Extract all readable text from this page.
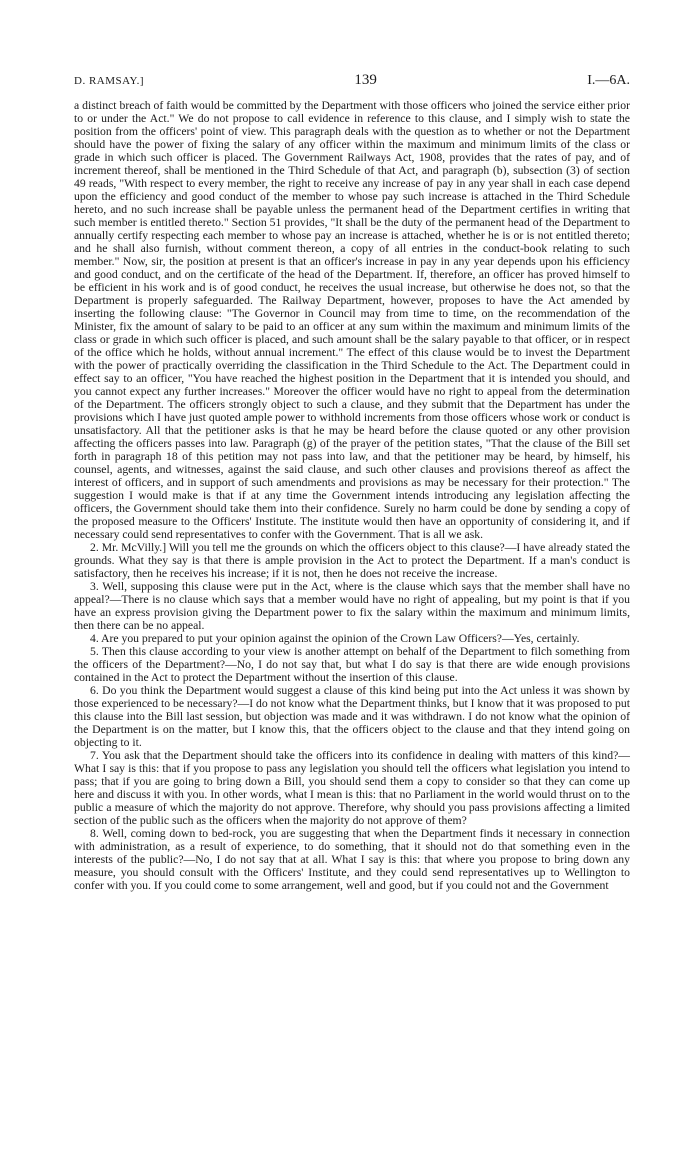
D. RAMSAY.]	139	I.—6A.

a distinct breach of faith would be committed by the Department with those officers who joined the service either prior to or under the Act." We do not propose to call evidence in reference to this clause, and I simply wish to state the position from the officers' point of view. This paragraph deals with the question as to whether or not the Department should have the power of fixing the salary of any officer within the maximum and minimum limits of the class or grade in which such officer is placed. The Government Railways Act, 1908, provides that the rates of pay, and of increment thereof, shall be mentioned in the Third Schedule of that Act, and paragraph (b), subsection (3) of section 49 reads, "With respect to every member, the right to receive any increase of pay in any year shall in each case depend upon the efficiency and good conduct of the member to whose pay such increase is attached in the Third Schedule hereto, and no such increase shall be payable unless the permanent head of the Department certifies in writing that such member is entitled thereto." Section 51 provides, "It shall be the duty of the permanent head of the Department to annually certify respecting each member to whose pay an increase is attached, whether he is or is not entitled thereto; and he shall also furnish, without comment thereon, a copy of all entries in the conduct-book relating to such member." Now, sir, the position at present is that an officer's increase in pay in any year depends upon his efficiency and good conduct, and on the certificate of the head of the Department. If, therefore, an officer has proved himself to be efficient in his work and is of good conduct, he receives the usual increase, but otherwise he does not, so that the Department is properly safeguarded. The Railway Department, however, proposes to have the Act amended by inserting the following clause: "The Governor in Council may from time to time, on the recommendation of the Minister, fix the amount of salary to be paid to an officer at any sum within the maximum and minimum limits of the class or grade in which such officer is placed, and such amount shall be the salary payable to that officer, or in respect of the office which he holds, without annual increment." The effect of this clause would be to invest the Department with the power of practically overriding the classification in the Third Schedule to the Act. The Department could in effect say to an officer, "You have reached the highest position in the Department that it is intended you should, and you cannot expect any further increases." Moreover the officer would have no right to appeal from the determination of the Department. The officers strongly object to such a clause, and they submit that the Department has under the provisions which I have just quoted ample power to withhold increments from those officers whose work or conduct is unsatisfactory. All that the petitioner asks is that he may be heard before the clause quoted or any other provision affecting the officers passes into law. Paragraph (g) of the prayer of the petition states, "That the clause of the Bill set forth in paragraph 18 of this petition may not pass into law, and that the petitioner may be heard, by himself, his counsel, agents, and witnesses, against the said clause, and such other clauses and provisions thereof as affect the interest of officers, and in support of such amendments and provisions as may be necessary for their protection." The suggestion I would make is that if at any time the Government intends introducing any legislation affecting the officers, the Government should take them into their confidence. Surely no harm could be done by sending a copy of the proposed measure to the Officers' Institute. The institute would then have an opportunity of considering it, and if necessary could send representatives to confer with the Government. That is all we ask.

2. Mr. McVilly.] Will you tell me the grounds on which the officers object to this clause?—I have already stated the grounds. What they say is that there is ample provision in the Act to protect the Department. If a man's conduct is satisfactory, then he receives his increase; if it is not, then he does not receive the increase.

3. Well, supposing this clause were put in the Act, where is the clause which says that the member shall have no appeal?—There is no clause which says that a member would have no right of appealing, but my point is that if you have an express provision giving the Department power to fix the salary within the maximum and minimum limits, then there can be no appeal.

4. Are you prepared to put your opinion against the opinion of the Crown Law Officers?—Yes, certainly.

5. Then this clause according to your view is another attempt on behalf of the Department to filch something from the officers of the Department?—No, I do not say that, but what I do say is that there are wide enough provisions contained in the Act to protect the Department without the insertion of this clause.

6. Do you think the Department would suggest a clause of this kind being put into the Act unless it was shown by those experienced to be necessary?—I do not know what the Department thinks, but I know that it was proposed to put this clause into the Bill last session, but objection was made and it was withdrawn. I do not know what the opinion of the Department is on the matter, but I know this, that the officers object to the clause and that they intend going on objecting to it.

7. You ask that the Department should take the officers into its confidence in dealing with matters of this kind?—What I say is this: that if you propose to pass any legislation you should tell the officers what legislation you intend to pass; that if you are going to bring down a Bill, you should send them a copy to consider so that they can come up here and discuss it with you. In other words, what I mean is this: that no Parliament in the world would thrust on to the public a measure of which the majority do not approve. Therefore, why should you pass provisions affecting a limited section of the public such as the officers when the majority do not approve of them?

8. Well, coming down to bed-rock, you are suggesting that when the Department finds it necessary in connection with administration, as a result of experience, to do something, that it should not do that something even in the interests of the public?—No, I do not say that at all. What I say is this: that where you propose to bring down any measure, you should consult with the Officers' Institute, and they could send representatives up to Wellington to confer with you. If you could come to some arrangement, well and good, but if you could not and the Government
